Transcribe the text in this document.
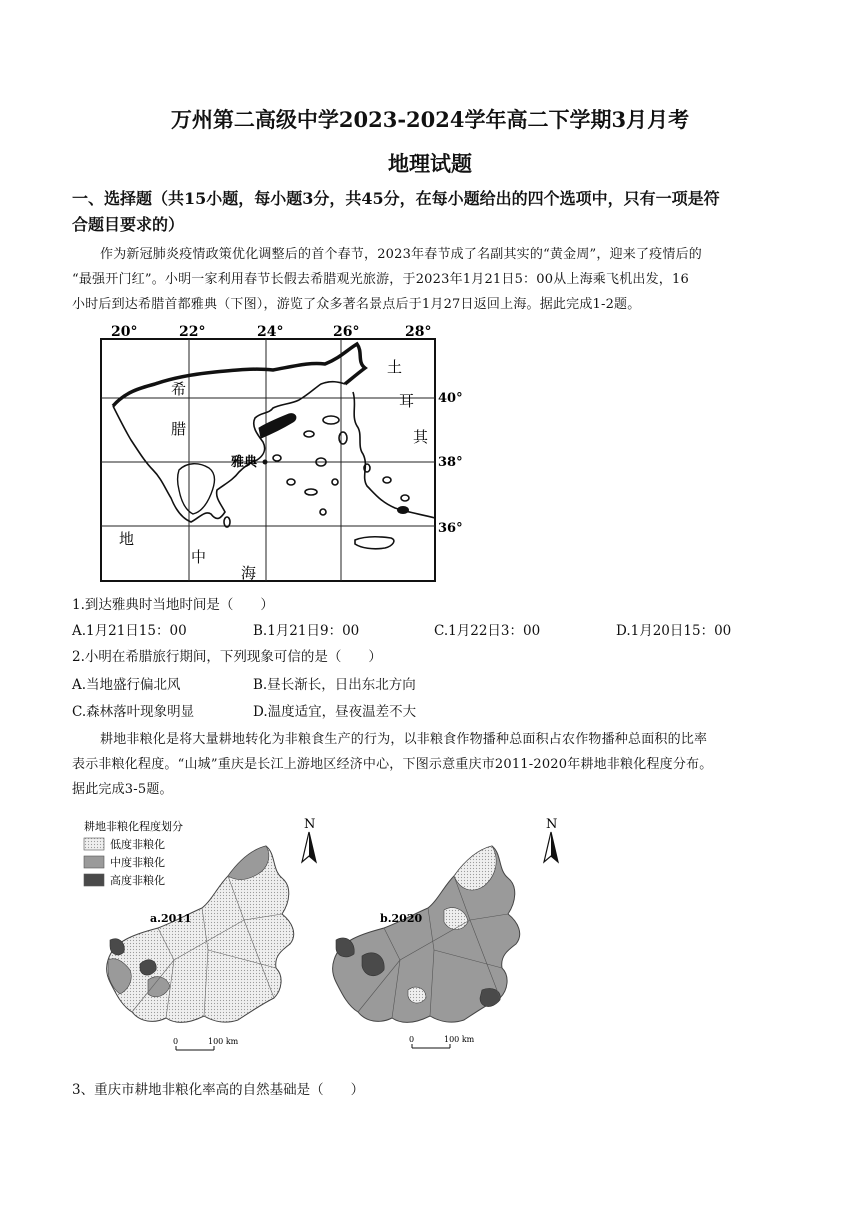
万州第二高级中学2023-2024学年高二下学期3月月考
地理试题
一、选择题（共15小题，每小题3分，共45分，在每小题给出的四个选项中，只有一项是符
合题目要求的）
作为新冠肺炎疫情政策优化调整后的首个春节，2023年春节成了名副其实的“黄金周”，迎来了疫情后的
“最强开门红”。小明一家利用春节长假去希腊观光旅游，于2023年1月21日5：00从上海乘飞机出发，16
小时后到达希腊首都雅典（下图），游览了众多著名景点后于1月27日返回上海。据此完成1-2题。
20°	22°	24°	26°	28°
40°
38°
36°
希
腊
雅典
土
耳
其
地
中
海
1.到达雅典时当地时间是（　　）
A.1月21日15：00	B.1月21日9：00	C.1月22日3：00	D.1月20日15：00
2.小明在希腊旅行期间，下列现象可信的是（　　）
A.当地盛行偏北风	B.昼长渐长，日出东北方向
C.森林落叶现象明显	D.温度适宜，昼夜温差不大
耕地非粮化是将大量耕地转化为非粮食生产的行为，以非粮食作物播种总面积占农作物播种总面积的比率
表示非粮化程度。“山城”重庆是长江上游地区经济中心，下图示意重庆市2011-2020年耕地非粮化程度分布。
据此完成3-5题。
耕地非粮化程度划分
低度非粮化
中度非粮化
高度非粮化
a.2011
N
0	100 km
b.2020
N
0	100 km
3、重庆市耕地非粮化率高的自然基础是（　　）
